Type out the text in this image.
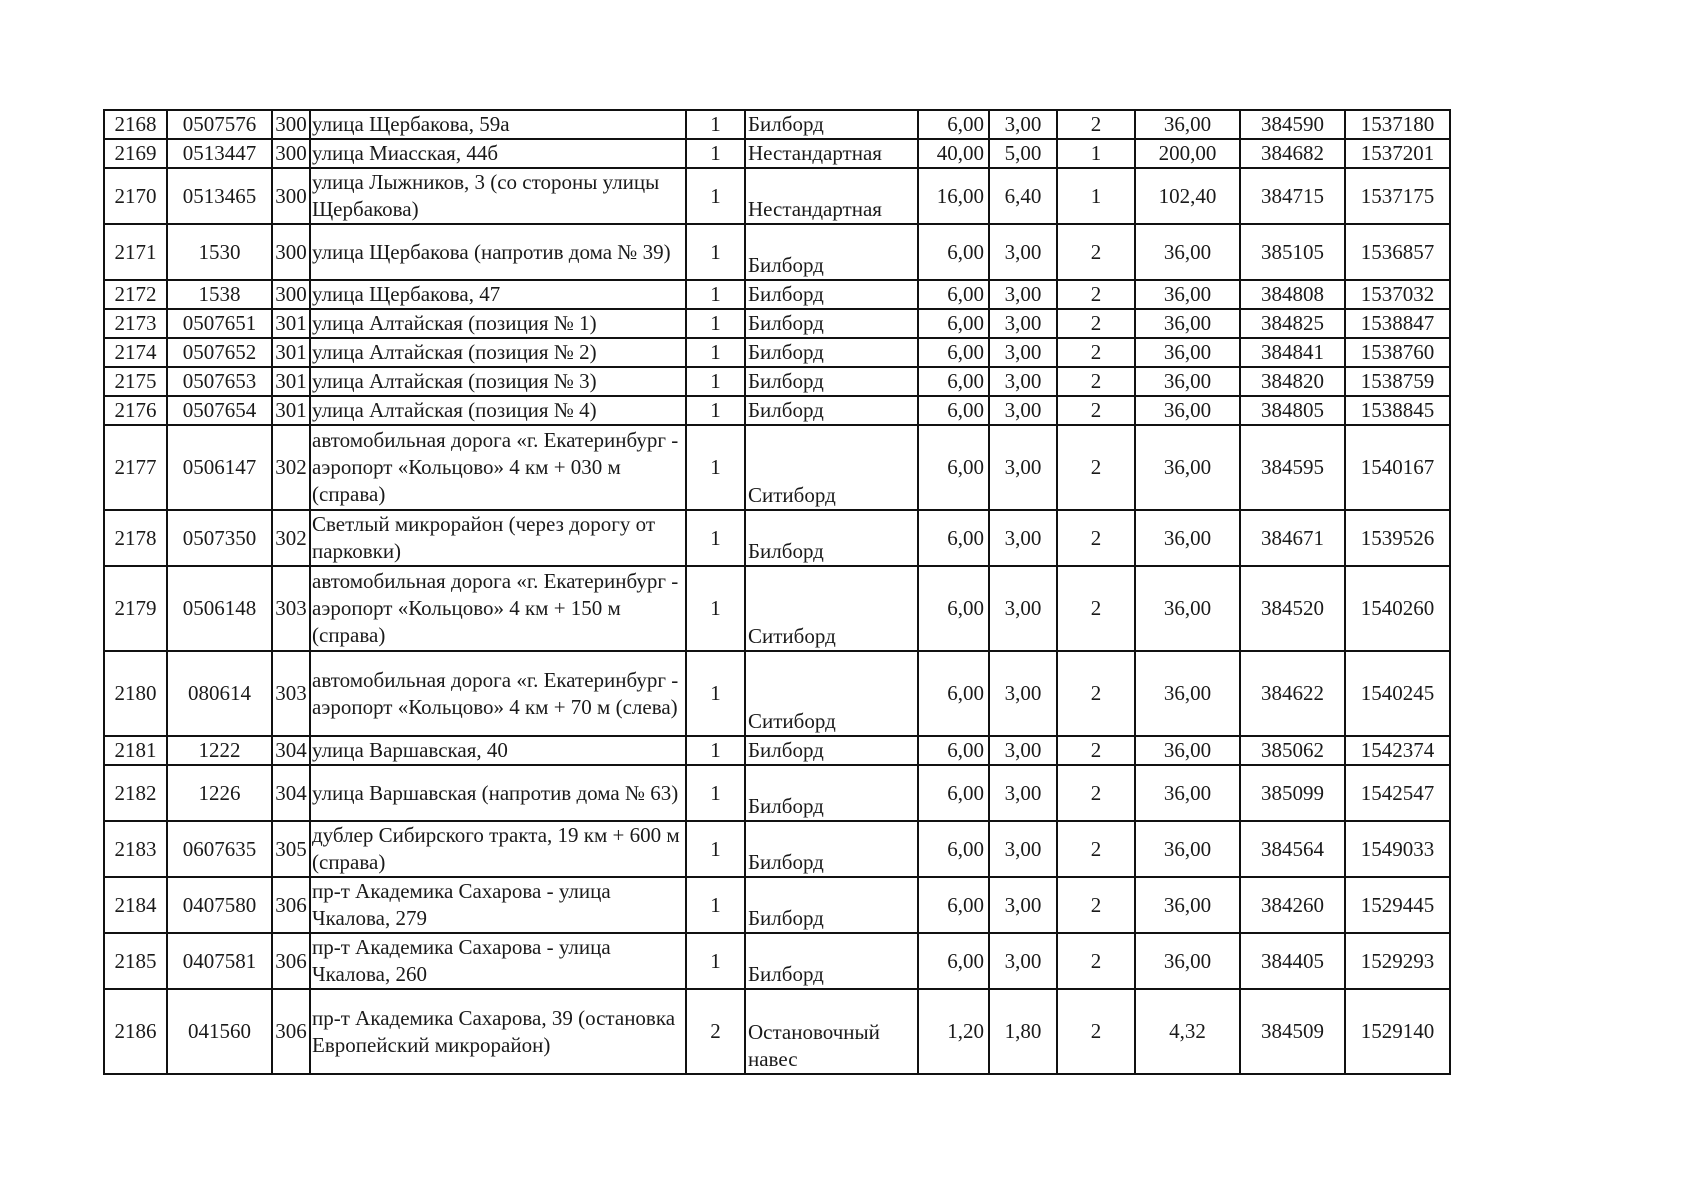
2168	0507576	300	улица Щербакова, 59а	1	Билборд	6,00	3,00	2	36,00	384590	1537180
2169	0513447	300	улица Миасская, 44б	1	Нестандартная	40,00	5,00	1	200,00	384682	1537201
2170	0513465	300	улица Лыжников, 3 (со стороны улицы Щербакова)	1	Нестандартная	16,00	6,40	1	102,40	384715	1537175
2171	1530	300	улица Щербакова (напротив дома № 39)	1	Билборд	6,00	3,00	2	36,00	385105	1536857
2172	1538	300	улица Щербакова, 47	1	Билборд	6,00	3,00	2	36,00	384808	1537032
2173	0507651	301	улица Алтайская (позиция № 1)	1	Билборд	6,00	3,00	2	36,00	384825	1538847
2174	0507652	301	улица Алтайская (позиция № 2)	1	Билборд	6,00	3,00	2	36,00	384841	1538760
2175	0507653	301	улица Алтайская (позиция № 3)	1	Билборд	6,00	3,00	2	36,00	384820	1538759
2176	0507654	301	улица Алтайская (позиция № 4)	1	Билборд	6,00	3,00	2	36,00	384805	1538845
2177	0506147	302	автомобильная дорога «г. Екатеринбург - аэропорт «Кольцово» 4 км + 030 м (справа)	1	Ситиборд	6,00	3,00	2	36,00	384595	1540167
2178	0507350	302	Светлый микрорайон (через дорогу от парковки)	1	Билборд	6,00	3,00	2	36,00	384671	1539526
2179	0506148	303	автомобильная дорога «г. Екатеринбург - аэропорт «Кольцово» 4 км + 150 м (справа)	1	Ситиборд	6,00	3,00	2	36,00	384520	1540260
2180	080614	303	автомобильная дорога «г. Екатеринбург - аэропорт «Кольцово» 4 км + 70 м (слева)	1	Ситиборд	6,00	3,00	2	36,00	384622	1540245
2181	1222	304	улица Варшавская, 40	1	Билборд	6,00	3,00	2	36,00	385062	1542374
2182	1226	304	улица Варшавская (напротив дома № 63)	1	Билборд	6,00	3,00	2	36,00	385099	1542547
2183	0607635	305	дублер Сибирского тракта, 19 км + 600 м (справа)	1	Билборд	6,00	3,00	2	36,00	384564	1549033
2184	0407580	306	пр-т Академика Сахарова - улица Чкалова, 279	1	Билборд	6,00	3,00	2	36,00	384260	1529445
2185	0407581	306	пр-т Академика Сахарова - улица Чкалова, 260	1	Билборд	6,00	3,00	2	36,00	384405	1529293
2186	041560	306	пр-т Академика Сахарова, 39 (остановка Европейский микрорайон)	2	Остановочный навес	1,20	1,80	2	4,32	384509	1529140
